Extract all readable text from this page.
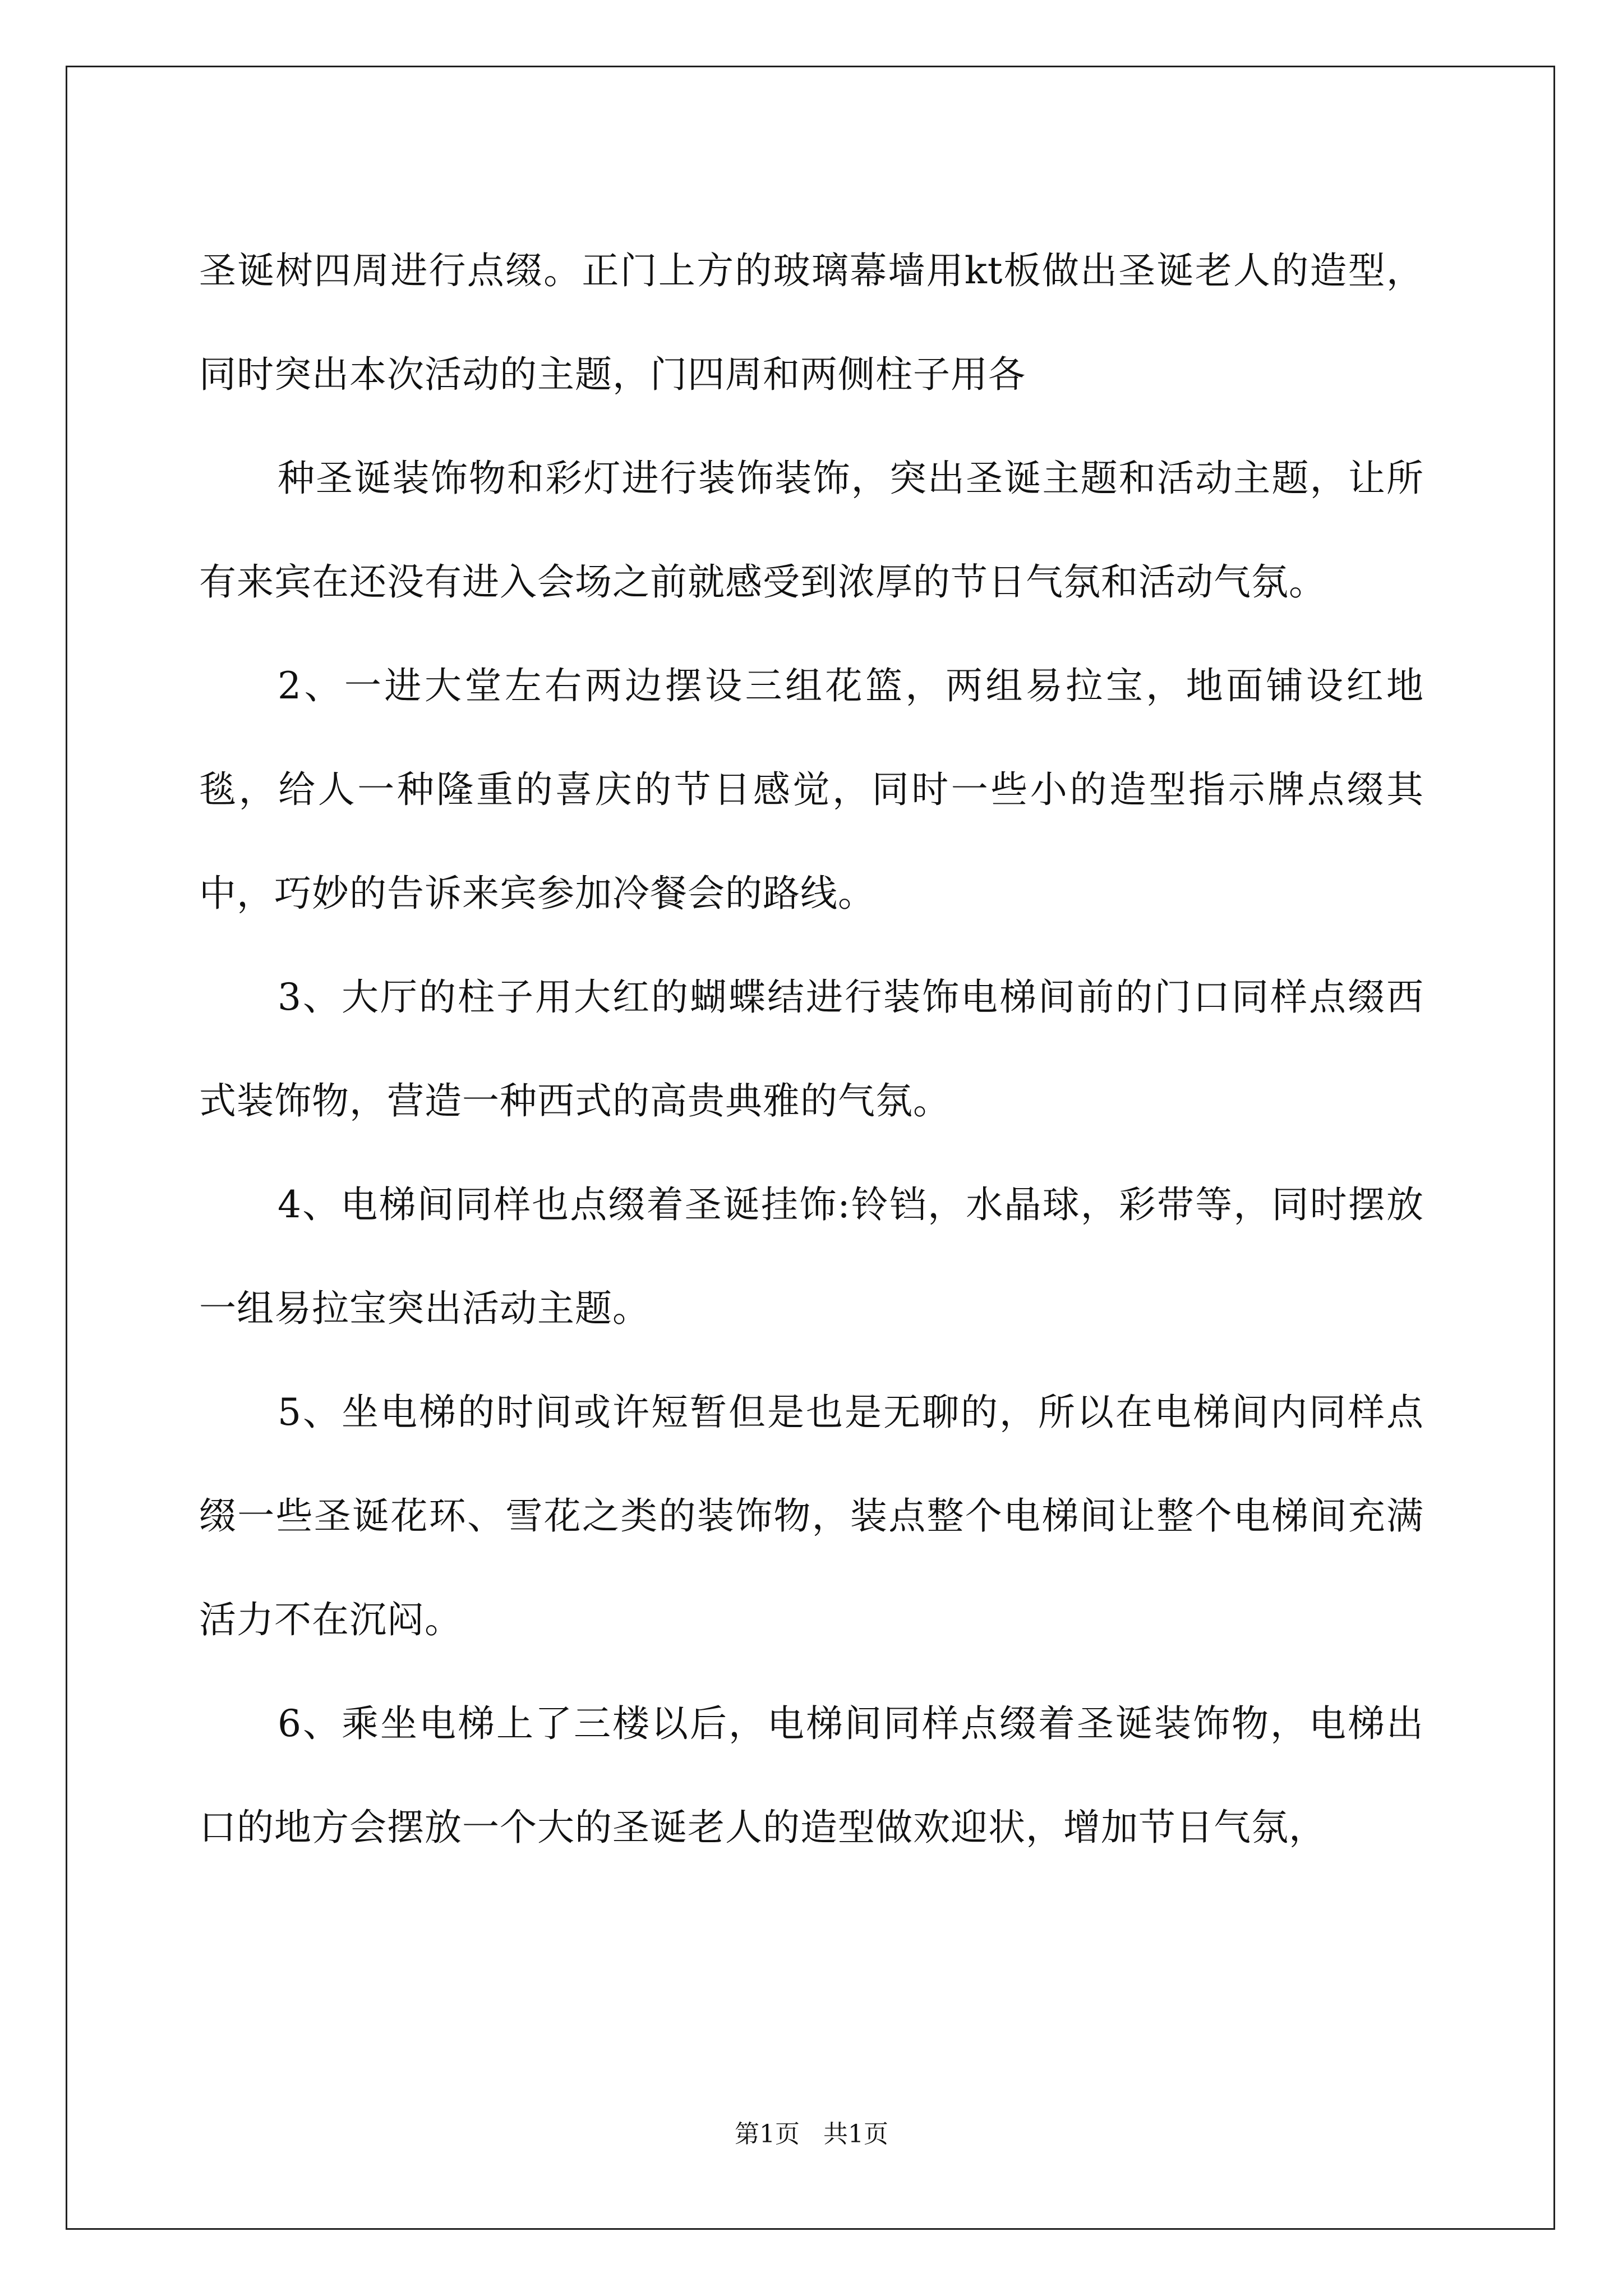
圣诞树四周进行点缀。正门上方的玻璃幕墙用kt板做出圣诞老人的造型，同时突出本次活动的主题，门四周和两侧柱子用各

种圣诞装饰物和彩灯进行装饰装饰，突出圣诞主题和活动主题，让所有来宾在还没有进入会场之前就感受到浓厚的节日气氛和活动气氛。

2、一进大堂左右两边摆设三组花篮，两组易拉宝，地面铺设红地毯，给人一种隆重的喜庆的节日感觉，同时一些小的造型指示牌点缀其中，巧妙的告诉来宾参加冷餐会的路线。

3、大厅的柱子用大红的蝴蝶结进行装饰电梯间前的门口同样点缀西式装饰物，营造一种西式的高贵典雅的气氛。

4、电梯间同样也点缀着圣诞挂饰:铃铛，水晶球，彩带等，同时摆放一组易拉宝突出活动主题。

5、坐电梯的时间或许短暂但是也是无聊的，所以在电梯间内同样点缀一些圣诞花环、雪花之类的装饰物，装点整个电梯间让整个电梯间充满活力不在沉闷。

6、乘坐电梯上了三楼以后，电梯间同样点缀着圣诞装饰物，电梯出口的地方会摆放一个大的圣诞老人的造型做欢迎状，增加节日气氛，

第1页 共1页
